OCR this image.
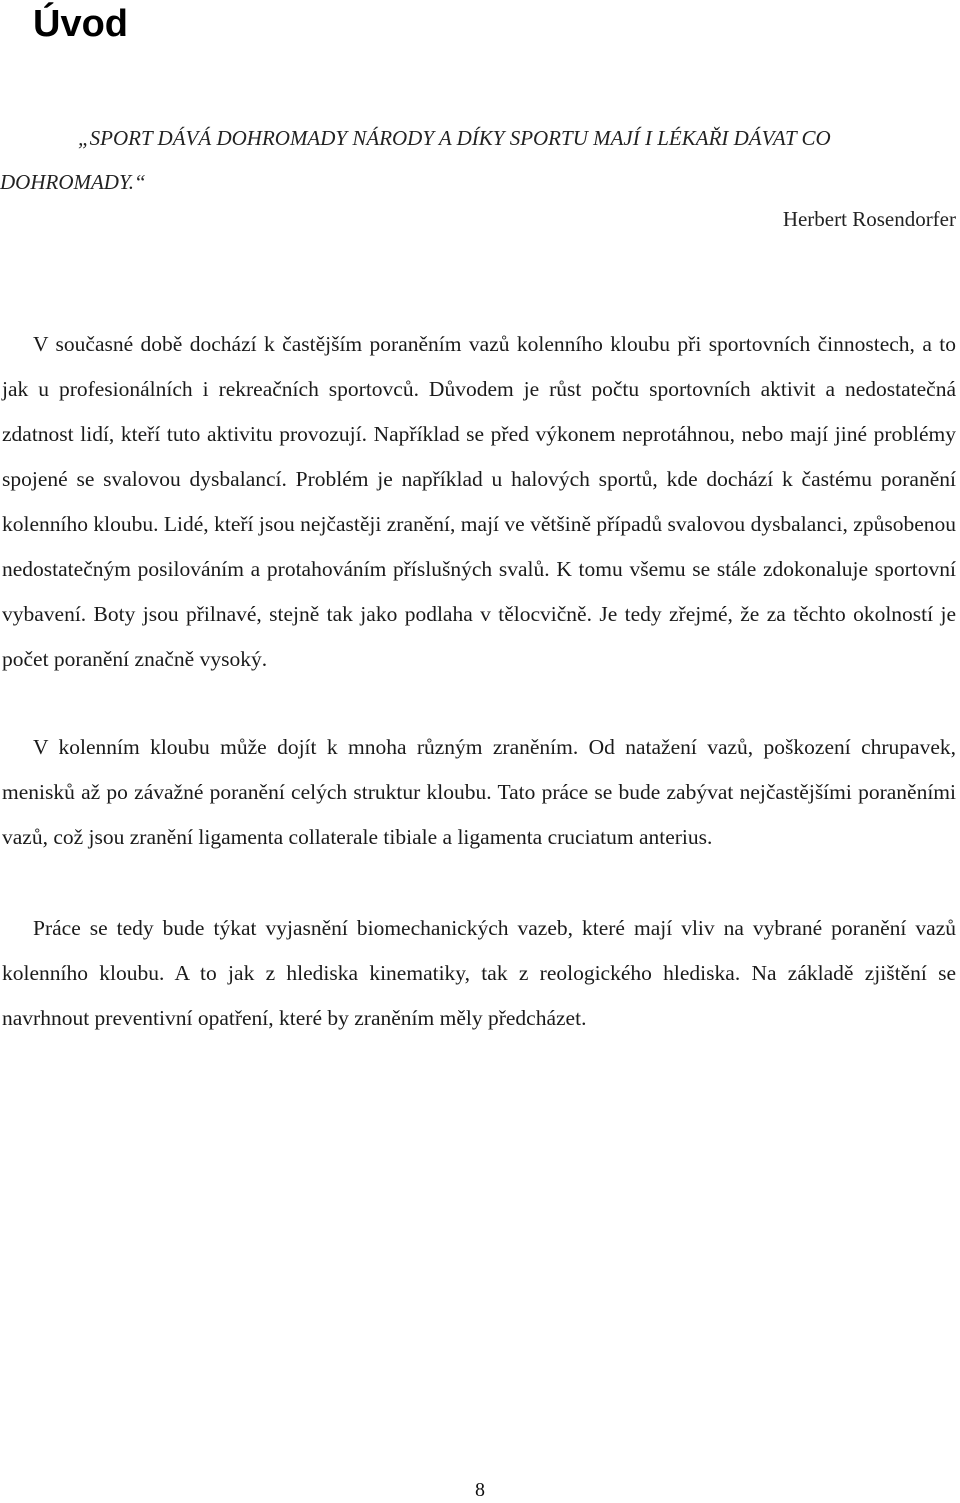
Úvod

„SPORT DÁVÁ DOHROMADY NÁRODY A DÍKY SPORTU MAJÍ I LÉKAŘI DÁVAT CO DOHROMADY.“

Herbert Rosendorfer

V současné době dochází k častějším poraněním vazů kolenního kloubu při sportovních činnostech, a to jak u profesionálních i rekreačních sportovců. Důvodem je růst počtu sportovních aktivit a nedostatečná zdatnost lidí, kteří tuto aktivitu provozují. Například se před výkonem neprotáhnou, nebo mají jiné problémy spojené se svalovou dysbalancí. Problém je například u halových sportů, kde dochází k častému poranění kolenního kloubu. Lidé, kteří jsou nejčastěji zranění, mají ve většině případů svalovou dysbalanci, způsobenou nedostatečným posilováním a protahováním příslušných svalů. K tomu všemu se stále zdokonaluje sportovní vybavení. Boty jsou přilnavé, stejně tak jako podlaha v tělocvičně. Je tedy zřejmé, že za těchto okolností je počet poranění značně vysoký.

V kolenním kloubu může dojít k mnoha různým zraněním. Od natažení vazů, poškození chrupavek, menisků až po závažné poranění celých struktur kloubu. Tato práce se bude zabývat nejčastějšími poraněními vazů, což jsou zranění ligamenta collaterale tibiale a ligamenta cruciatum anterius.

Práce se tedy bude týkat vyjasnění biomechanických vazeb, které mají vliv na vybrané poranění vazů kolenního kloubu. A to jak z hlediska kinematiky, tak z reologického hlediska. Na základě zjištění se navrhnout preventivní opatření, které by zraněním měly předcházet.

8
